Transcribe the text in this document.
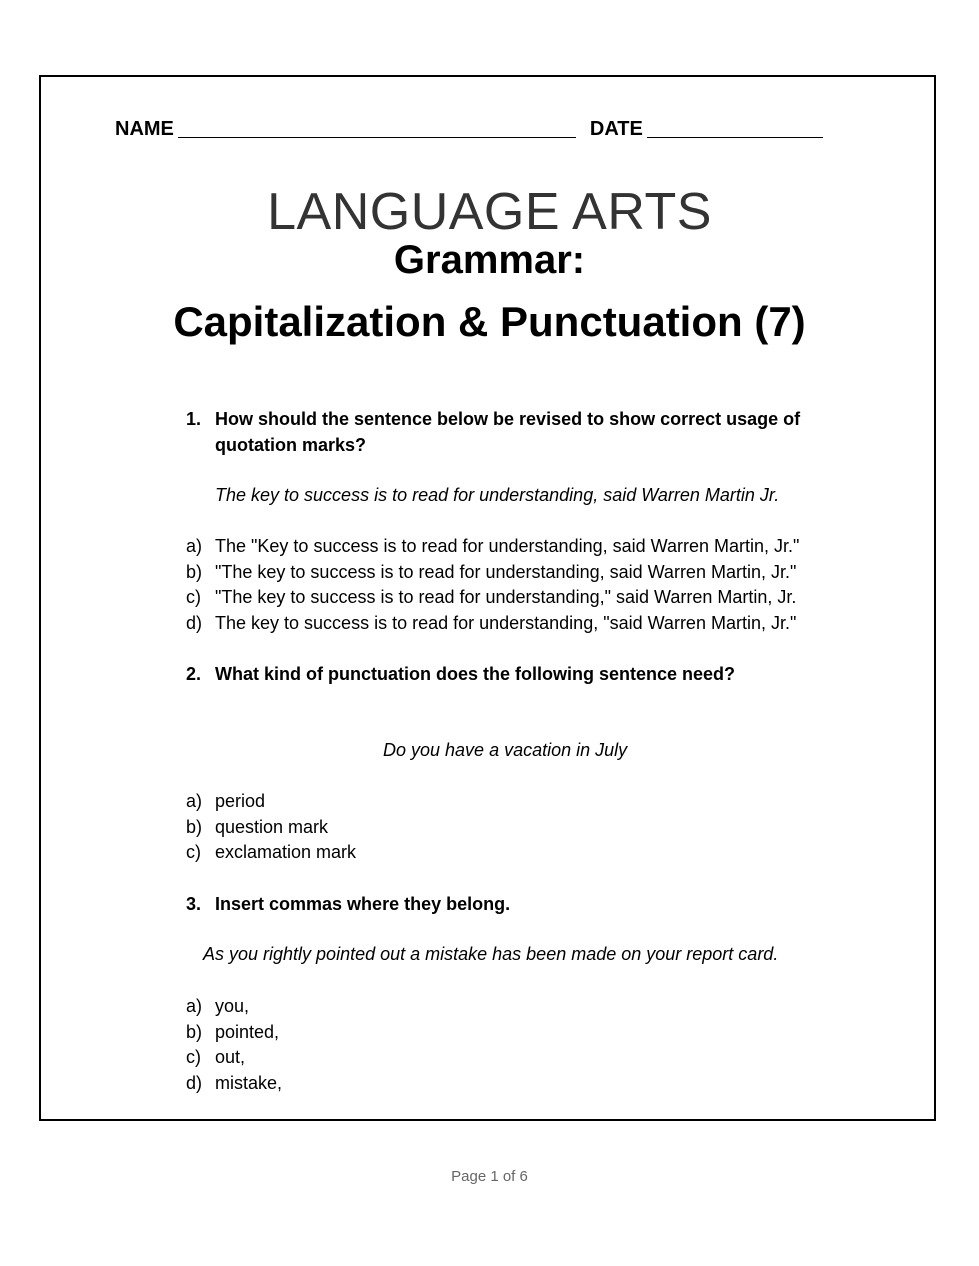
NAME	DATE
LANGUAGE ARTS
Grammar:
Capitalization & Punctuation (7)
1. How should the sentence below be revised to show correct usage of quotation marks?
The key to success is to read for understanding, said Warren Martin Jr.
a) The "Key to success is to read for understanding, said Warren Martin, Jr."
b) "The key to success is to read for understanding, said Warren Martin, Jr."
c) "The key to success is to read for understanding," said Warren Martin, Jr.
d) The key to success is to read for understanding, "said Warren Martin, Jr."
2. What kind of punctuation does the following sentence need?
Do you have a vacation in July
a) period
b) question mark
c) exclamation mark
3. Insert commas where they belong.
As you rightly pointed out a mistake has been made on your report card.
a) you,
b) pointed,
c) out,
d) mistake,
Page 1 of 6
